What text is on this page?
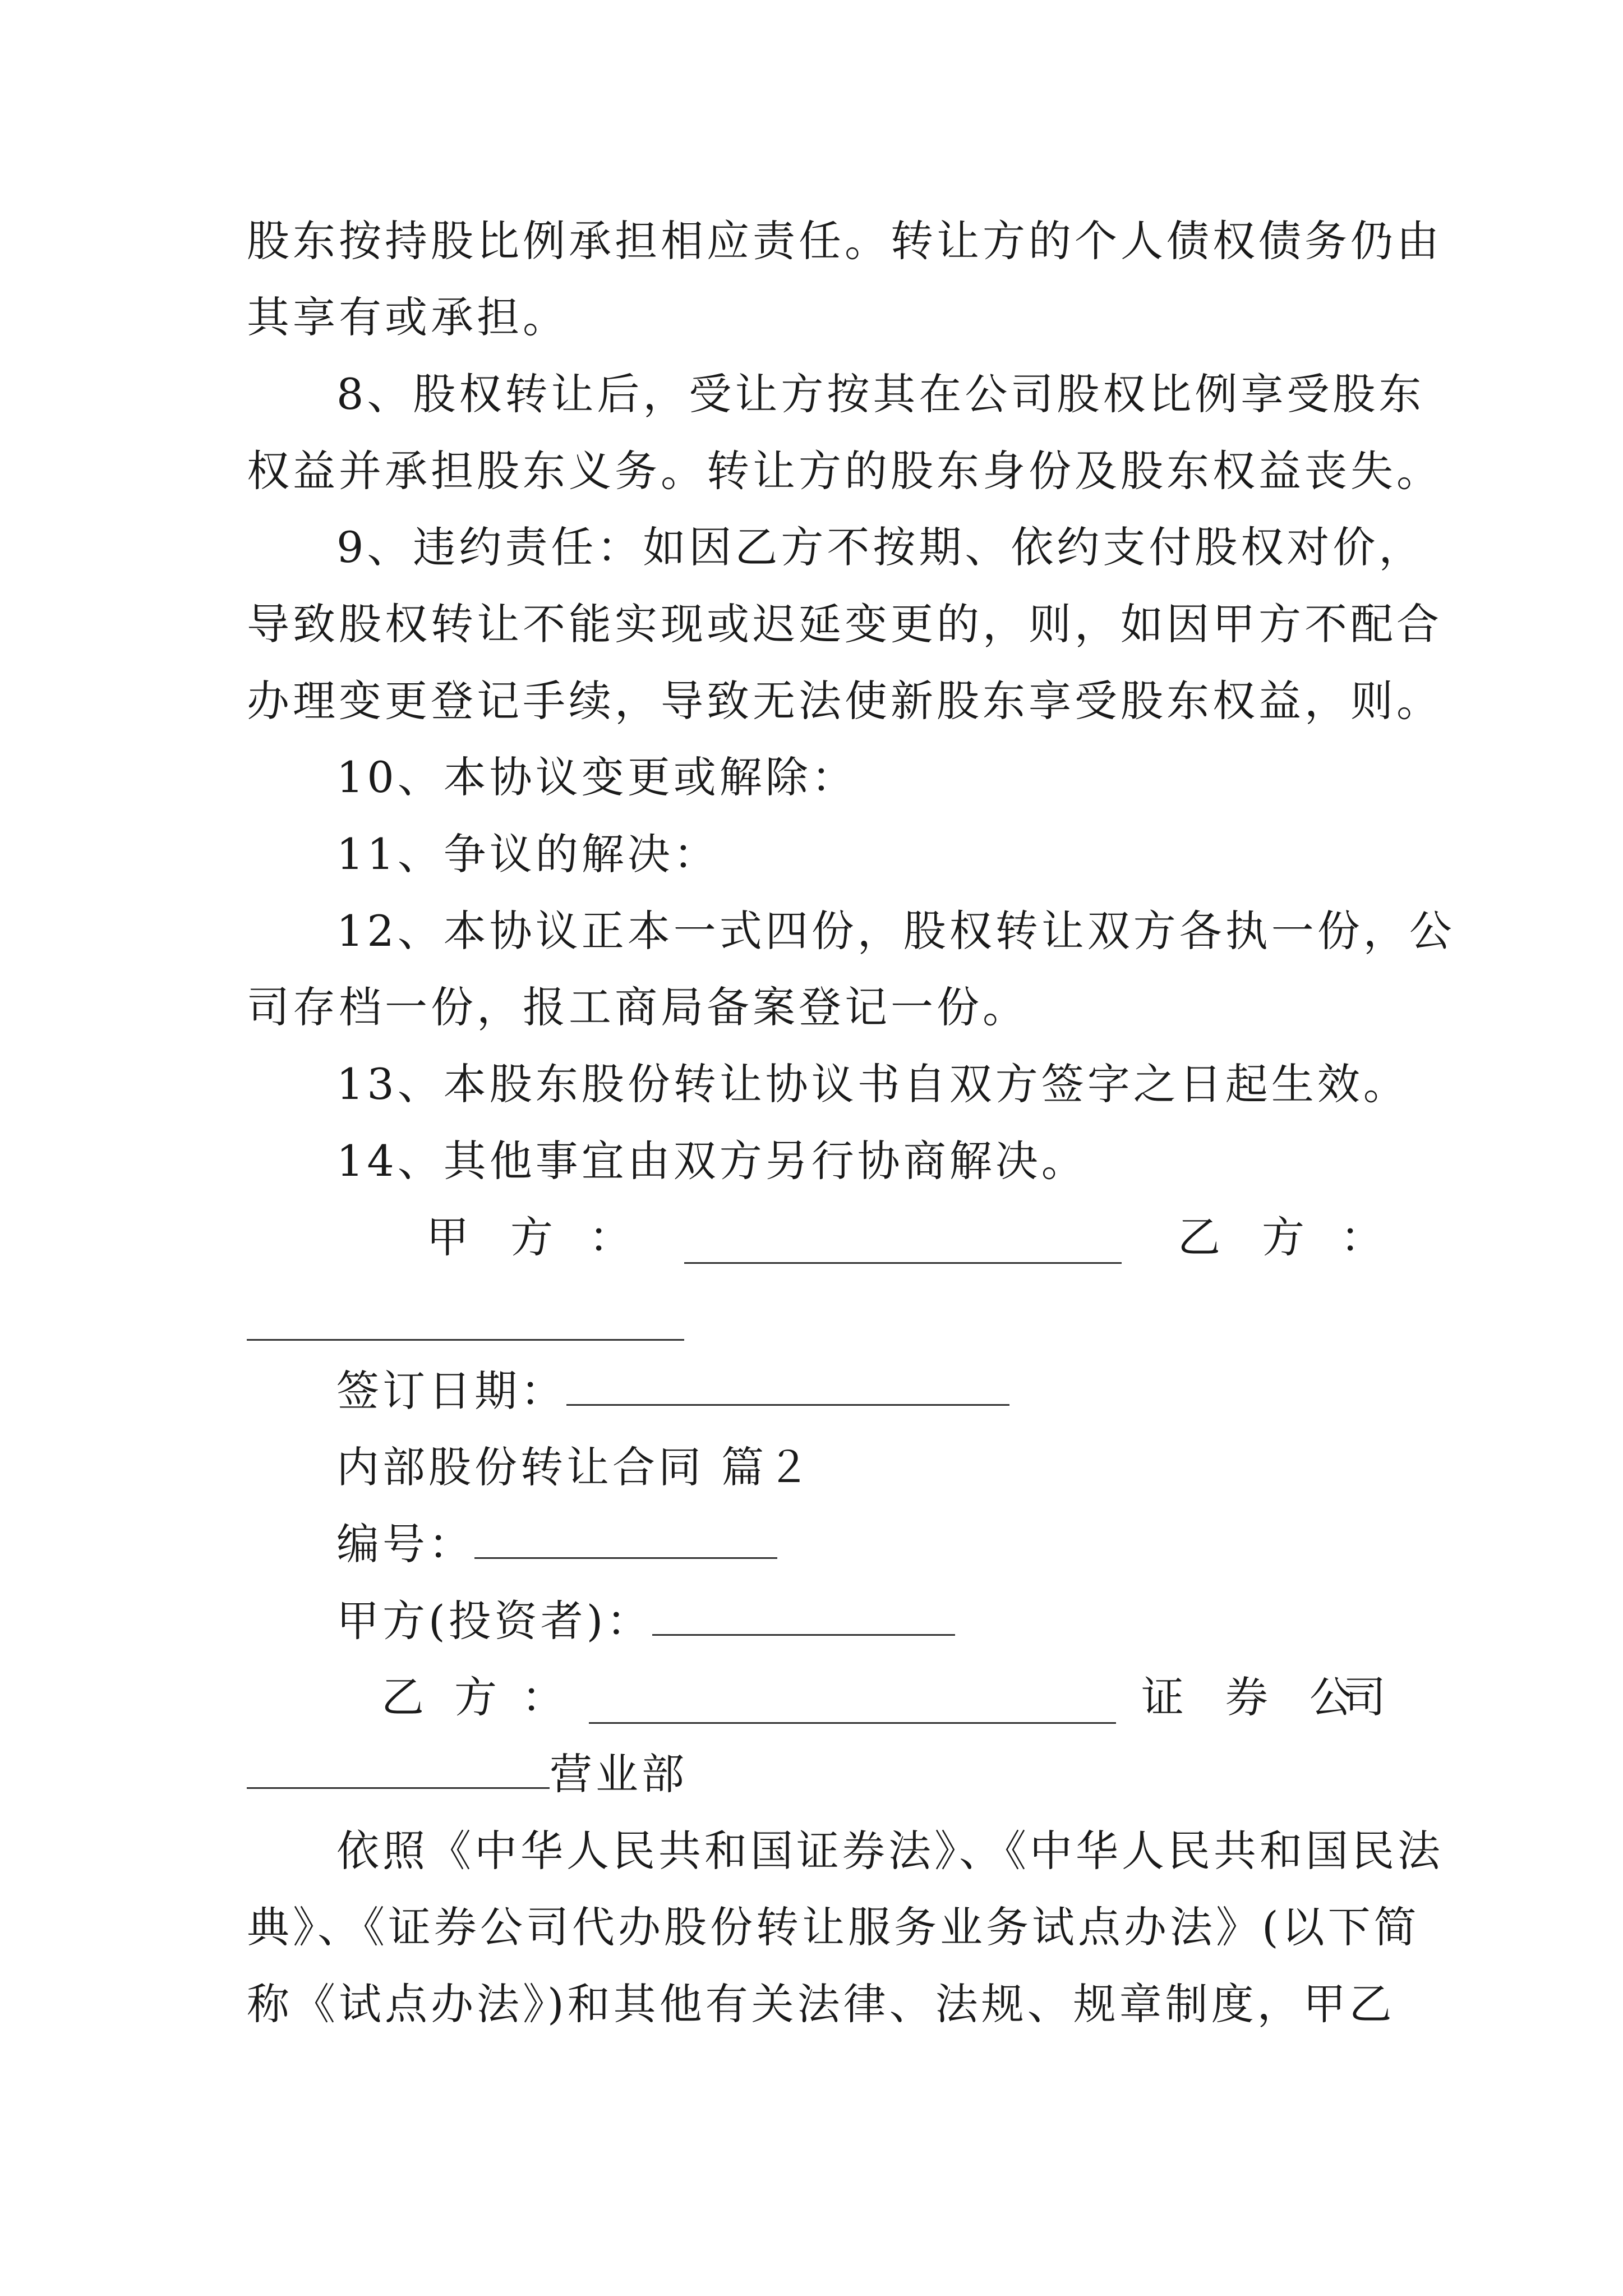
股东按持股比例承担相应责任。转让方的个人债权债务仍由
其享有或承担。
8、股权转让后，受让方按其在公司股权比例享受股东
权益并承担股东义务。转让方的股东身份及股东权益丧失。
9、违约责任：如因乙方不按期、依约支付股权对价，
导致股权转让不能实现或迟延变更的，则，如因甲方不配合
办理变更登记手续，导致无法使新股东享受股东权益，则。
10、本协议变更或解除：
11、争议的解决：
12、本协议正本一式四份，股权转让双方各执一份，公
司存档一份，报工商局备案登记一份。
13、本股东股份转让协议书自双方签字之日起生效。
14、其他事宜由双方另行协商解决。
甲 方 ：	乙 方 ：
签订日期：
内部股份转让合同 篇２
编号：
甲方(投资者)：
乙 方 ：	证 券 公
司
营业部
依照《中华人民共和国证券法》、《中华人民共和国民法
典》、《证券公司代办股份转让服务业务试点办法》(以下简
称《试点办法》)和其他有关法律、法规、规章制度，甲乙
